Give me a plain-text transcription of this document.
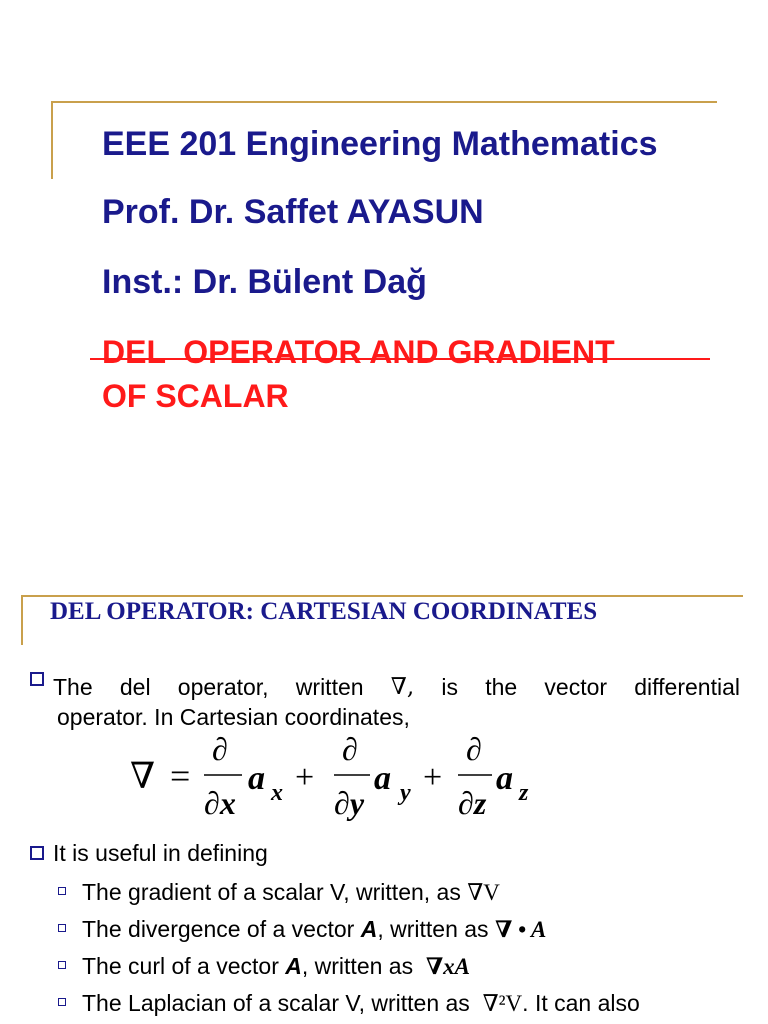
EEE 201 Engineering Mathematics

Prof. Dr. Saffet AYASUN

Inst.: Dr. Bülent Dağ

DEL  OPERATOR AND GRADIENT
OF SCALAR

DEL OPERATOR: CARTESIAN COORDINATES

The del operator, written ∇, is the vector differential
operator. In Cartesian coordinates,
∇ =
∂
∂x
a x +
∂
∂y
a y +
∂
∂z
a z
It is useful in defining
The gradient of a scalar V, written, as ∇V
The divergence of a vector A, written as ∇ • A
The curl of a vector A, written as  ∇xA
The Laplacian of a scalar V, written as  ∇²V. It can also
